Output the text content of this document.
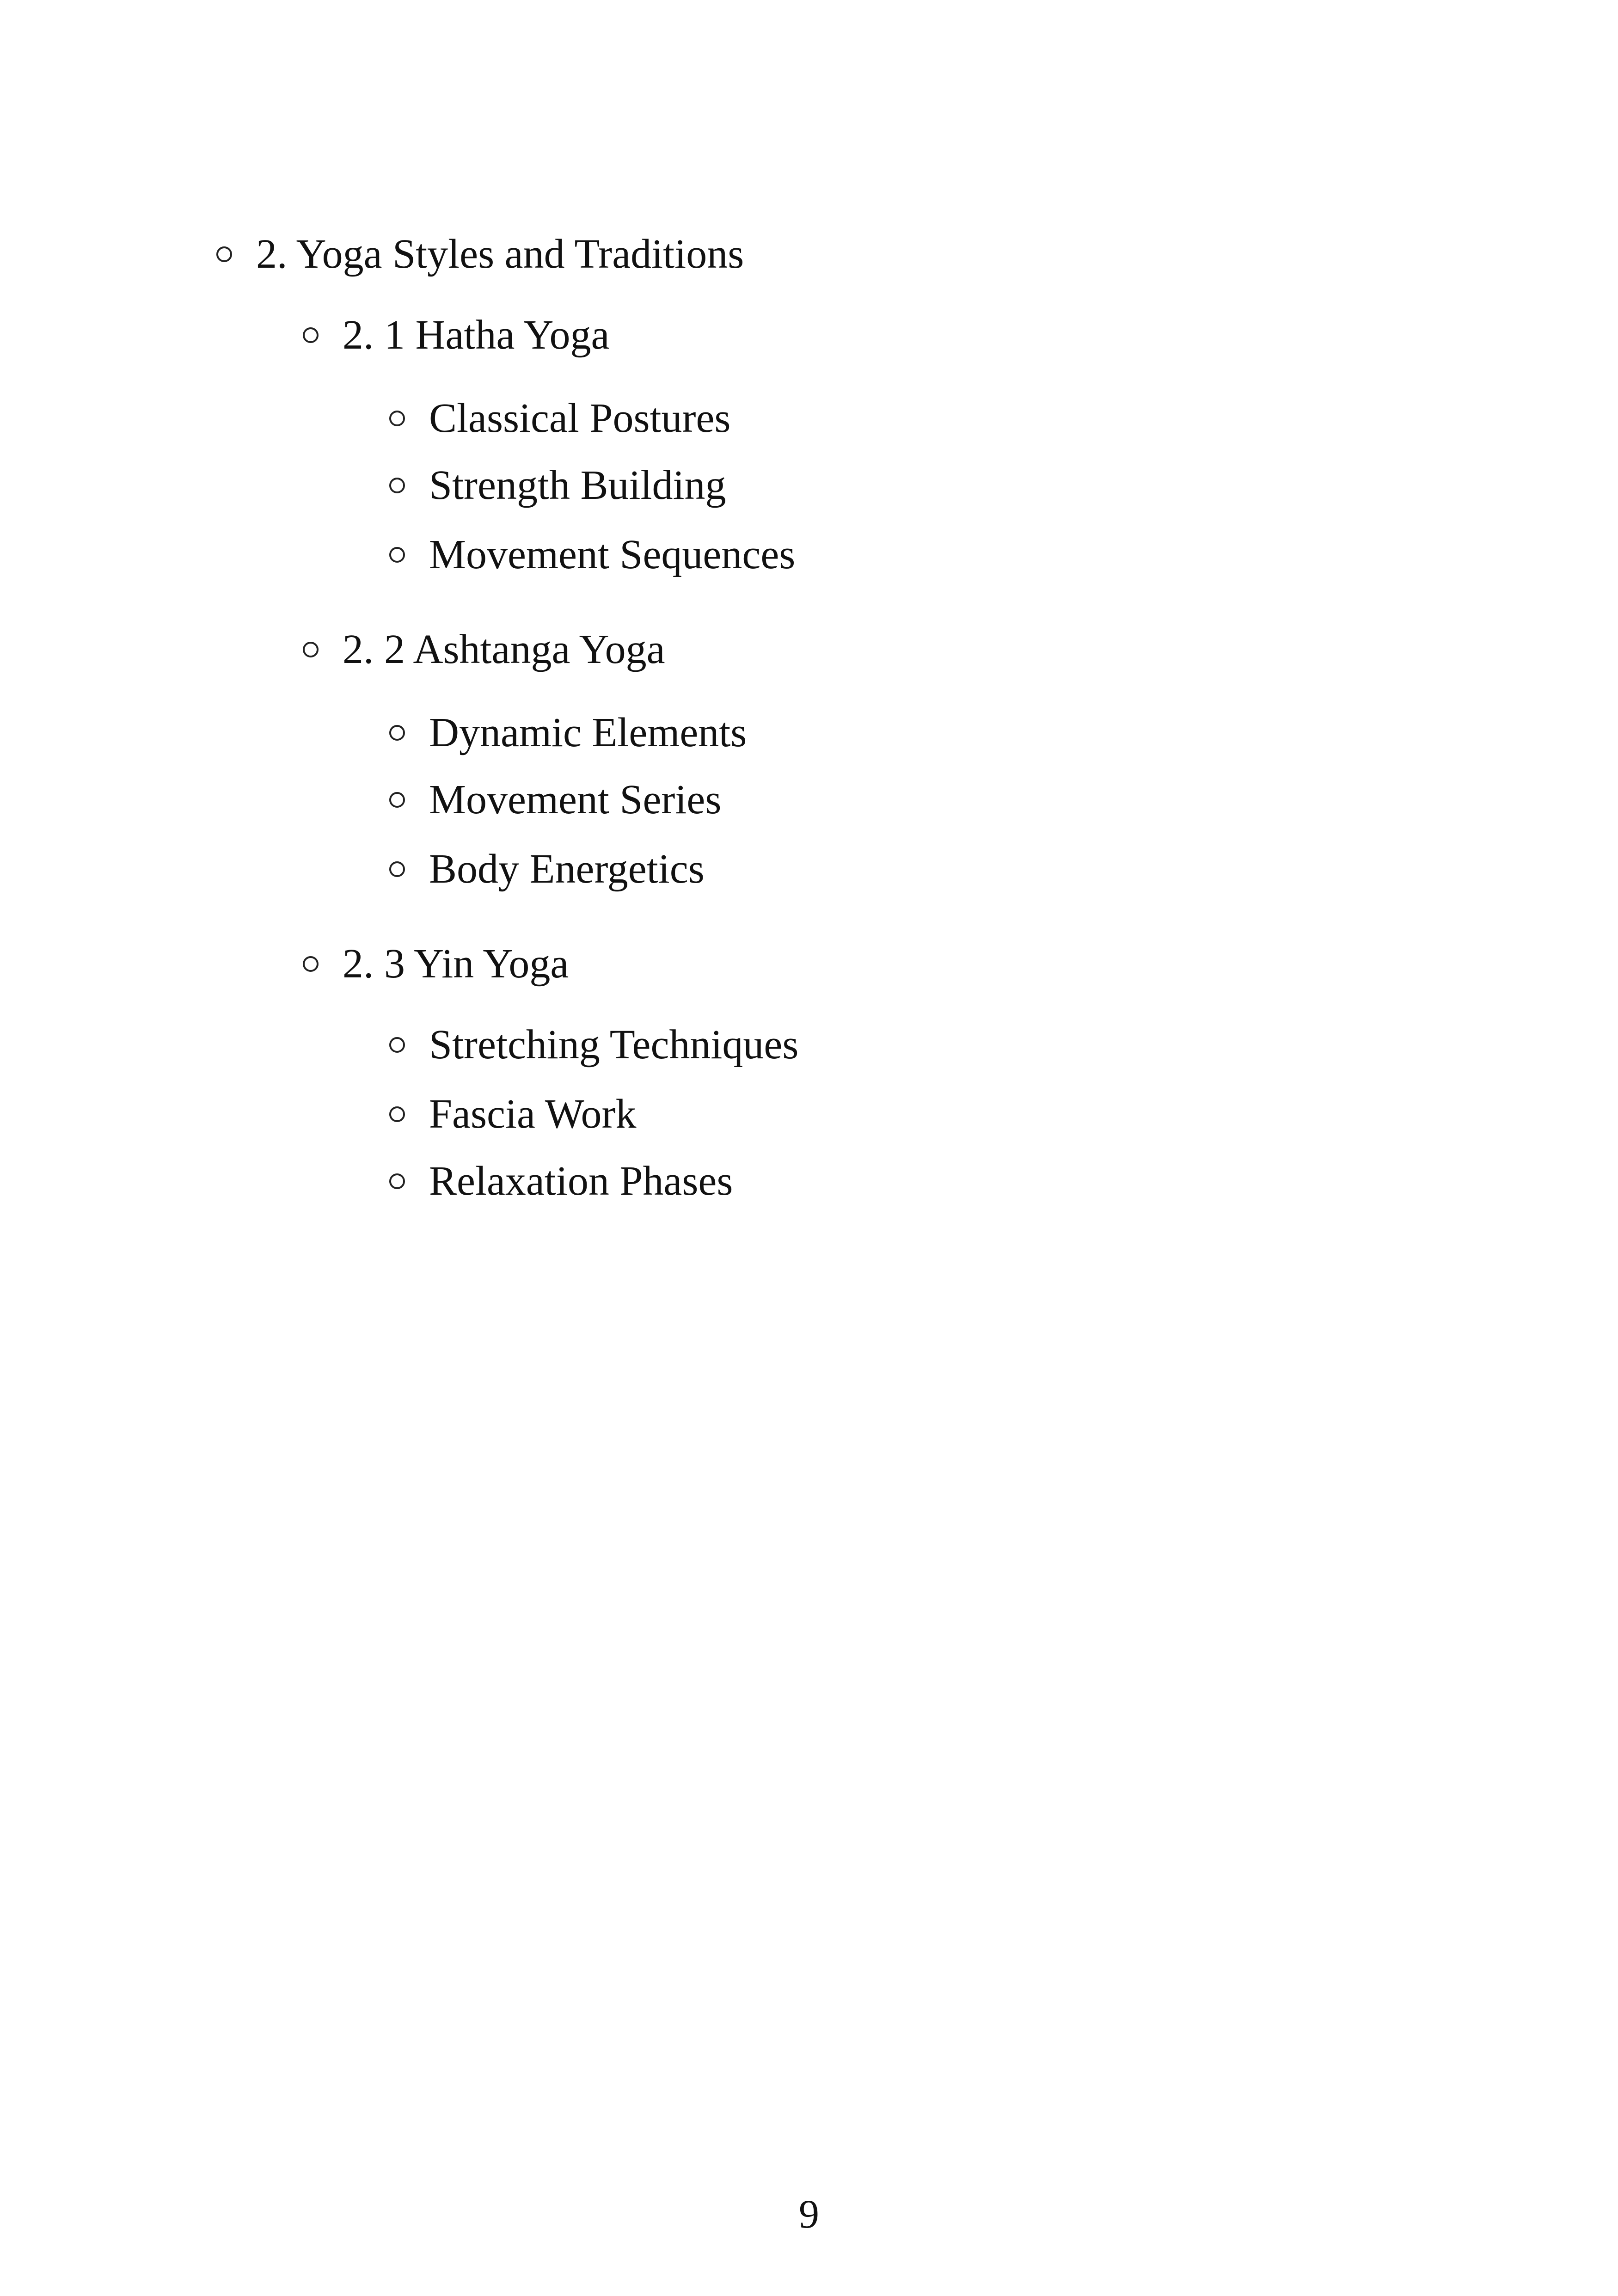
2. Yoga Styles and Traditions
2. 1 Hatha Yoga
Classical Postures
Strength Building
Movement Sequences
2. 2 Ashtanga Yoga
Dynamic Elements
Movement Series
Body Energetics
2. 3 Yin Yoga
Stretching Techniques
Fascia Work
Relaxation Phases
9
